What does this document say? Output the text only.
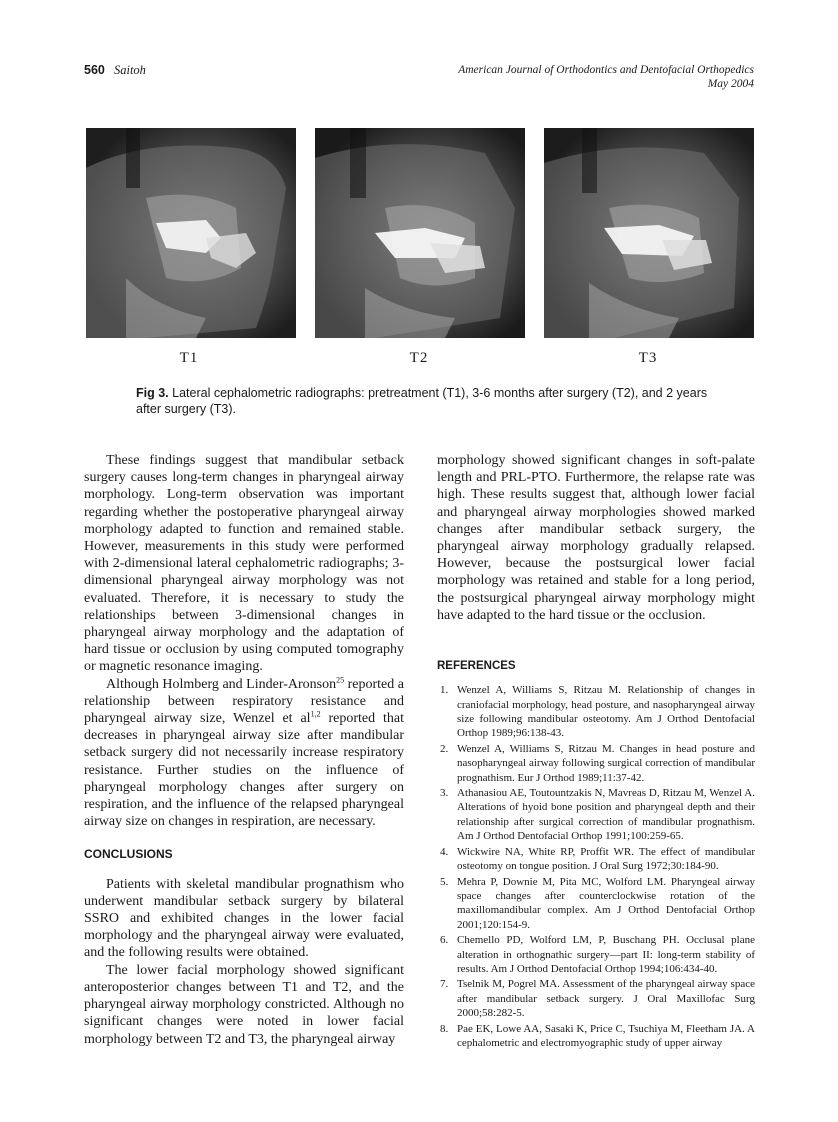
560 Saitoh	American Journal of Orthodontics and Dentofacial Orthopedics
May 2004
T1	T2	T3
Fig 3. Lateral cephalometric radiographs: pretreatment (T1), 3-6 months after surgery (T2), and 2 years after surgery (T3).

These findings suggest that mandibular setback surgery causes long-term changes in pharyngeal airway morphology. Long-term observation was important regarding whether the postoperative pharyngeal airway morphology adapted to function and remained stable. However, measurements in this study were performed with 2-dimensional lateral cephalometric radiographs; 3-dimensional pharyngeal airway morphology was not evaluated. Therefore, it is necessary to study the relationships between 3-dimensional changes in pharyngeal airway morphology and the adaptation of hard tissue or occlusion by using computed tomography or magnetic resonance imaging.

Although Holmberg and Linder-Aronson$^{25}$ reported a relationship between respiratory resistance and pharyngeal airway size, Wenzel et al$^{1,2}$ reported that decreases in pharyngeal airway size after mandibular setback surgery did not necessarily increase respiratory resistance. Further studies on the influence of pharyngeal morphology changes after surgery on respiration, and the influence of the relapsed pharyngeal airway size on changes in respiration, are necessary.

CONCLUSIONS

Patients with skeletal mandibular prognathism who underwent mandibular setback surgery by bilateral SSRO and exhibited changes in the lower facial morphology and the pharyngeal airway were evaluated, and the following results were obtained.

The lower facial morphology showed significant anteroposterior changes between T1 and T2, and the pharyngeal airway morphology constricted. Although no significant changes were noted in lower facial morphology between T2 and T3, the pharyngeal airway

morphology showed significant changes in soft-palate length and PRL-PTO. Furthermore, the relapse rate was high. These results suggest that, although lower facial and pharyngeal airway morphologies showed marked changes after mandibular setback surgery, the pharyngeal airway morphology gradually relapsed. However, because the postsurgical lower facial morphology was retained and stable for a long period, the postsurgical pharyngeal airway morphology might have adapted to the hard tissue or the occlusion.

REFERENCES
1. Wenzel A, Williams S, Ritzau M. Relationship of changes in craniofacial morphology, head posture, and nasopharyngeal airway size following mandibular osteotomy. Am J Orthod Dentofacial Orthop 1989;96:138-43.
2. Wenzel A, Williams S, Ritzau M. Changes in head posture and nasopharyngeal airway following surgical correction of mandibular prognathism. Eur J Orthod 1989;11:37-42.
3. Athanasiou AE, Toutountzakis N, Mavreas D, Ritzau M, Wenzel A. Alterations of hyoid bone position and pharyngeal depth and their relationship after surgical correction of mandibular prognathism. Am J Orthod Dentofacial Orthop 1991;100:259-65.
4. Wickwire NA, White RP, Proffit WR. The effect of mandibular osteotomy on tongue position. J Oral Surg 1972;30:184-90.
5. Mehra P, Downie M, Pita MC, Wolford LM. Pharyngeal airway space changes after counterclockwise rotation of the maxillomandibular complex. Am J Orthod Dentofacial Orthop 2001;120:154-9.
6. Chemello PD, Wolford LM, P, Buschang PH. Occlusal plane alteration in orthognathic surgery—part II: long-term stability of results. Am J Orthod Dentofacial Orthop 1994;106:434-40.
7. Tselnik M, Pogrel MA. Assessment of the pharyngeal airway space after mandibular setback surgery. J Oral Maxillofac Surg 2000;58:282-5.
8. Pae EK, Lowe AA, Sasaki K, Price C, Tsuchiya M, Fleetham JA. A cephalometric and electromyographic study of upper airway
